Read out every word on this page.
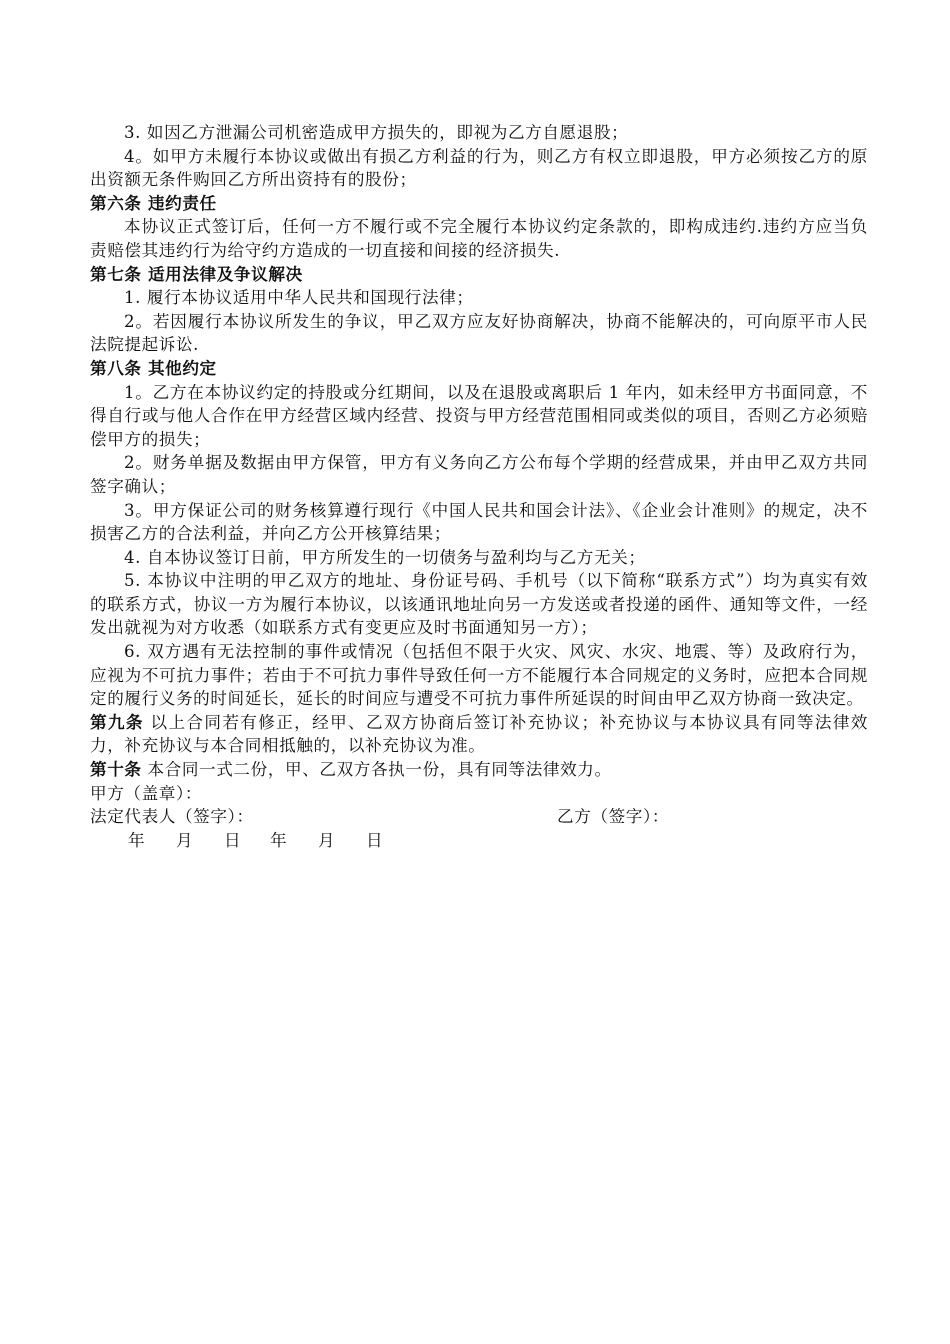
3. 如因乙方泄漏公司机密造成甲方损失的，即视为乙方自愿退股；

4。如甲方未履行本协议或做出有损乙方利益的行为，则乙方有权立即退股，甲方必须按乙方的原出资额无条件购回乙方所出资持有的股份；

第六条 违约责任

本协议正式签订后，任何一方不履行或不完全履行本协议约定条款的，即构成违约.违约方应当负责赔偿其违约行为给守约方造成的一切直接和间接的经济损失.

第七条 适用法律及争议解决

1. 履行本协议适用中华人民共和国现行法律；

2。若因履行本协议所发生的争议，甲乙双方应友好协商解决，协商不能解决的，可向原平市人民法院提起诉讼.

第八条 其他约定

1。乙方在本协议约定的持股或分红期间，以及在退股或离职后 1 年内，如未经甲方书面同意，不得自行或与他人合作在甲方经营区域内经营、投资与甲方经营范围相同或类似的项目，否则乙方必须赔偿甲方的损失；

2。财务单据及数据由甲方保管，甲方有义务向乙方公布每个学期的经营成果，并由甲乙双方共同签字确认；

3。甲方保证公司的财务核算遵行现行《中国人民共和国会计法》、《企业会计准则》的规定，决不损害乙方的合法利益，并向乙方公开核算结果；

4. 自本协议签订日前，甲方所发生的一切债务与盈利均与乙方无关；

5. 本协议中注明的甲乙双方的地址、身份证号码、手机号（以下简称“联系方式”）均为真实有效的联系方式，协议一方为履行本协议，以该通讯地址向另一方发送或者投递的函件、通知等文件，一经发出就视为对方收悉（如联系方式有变更应及时书面通知另一方）；

6. 双方遇有无法控制的事件或情况（包括但不限于火灾、风灾、水灾、地震、等）及政府行为，应视为不可抗力事件；若由于不可抗力事件导致任何一方不能履行本合同规定的义务时，应把本合同规定的履行义务的时间延长，延长的时间应与遭受不可抗力事件所延误的时间由甲乙双方协商一致决定。

第九条 以上合同若有修正，经甲、乙双方协商后签订补充协议；补充协议与本协议具有同等法律效力，补充协议与本合同相抵触的，以补充协议为准。

第十条 本合同一式二份，甲、乙双方各执一份，具有同等法律效力。

甲方（盖章）：

法定代表人（签字）：	乙方（签字）：
年 月 日 年 月 日
